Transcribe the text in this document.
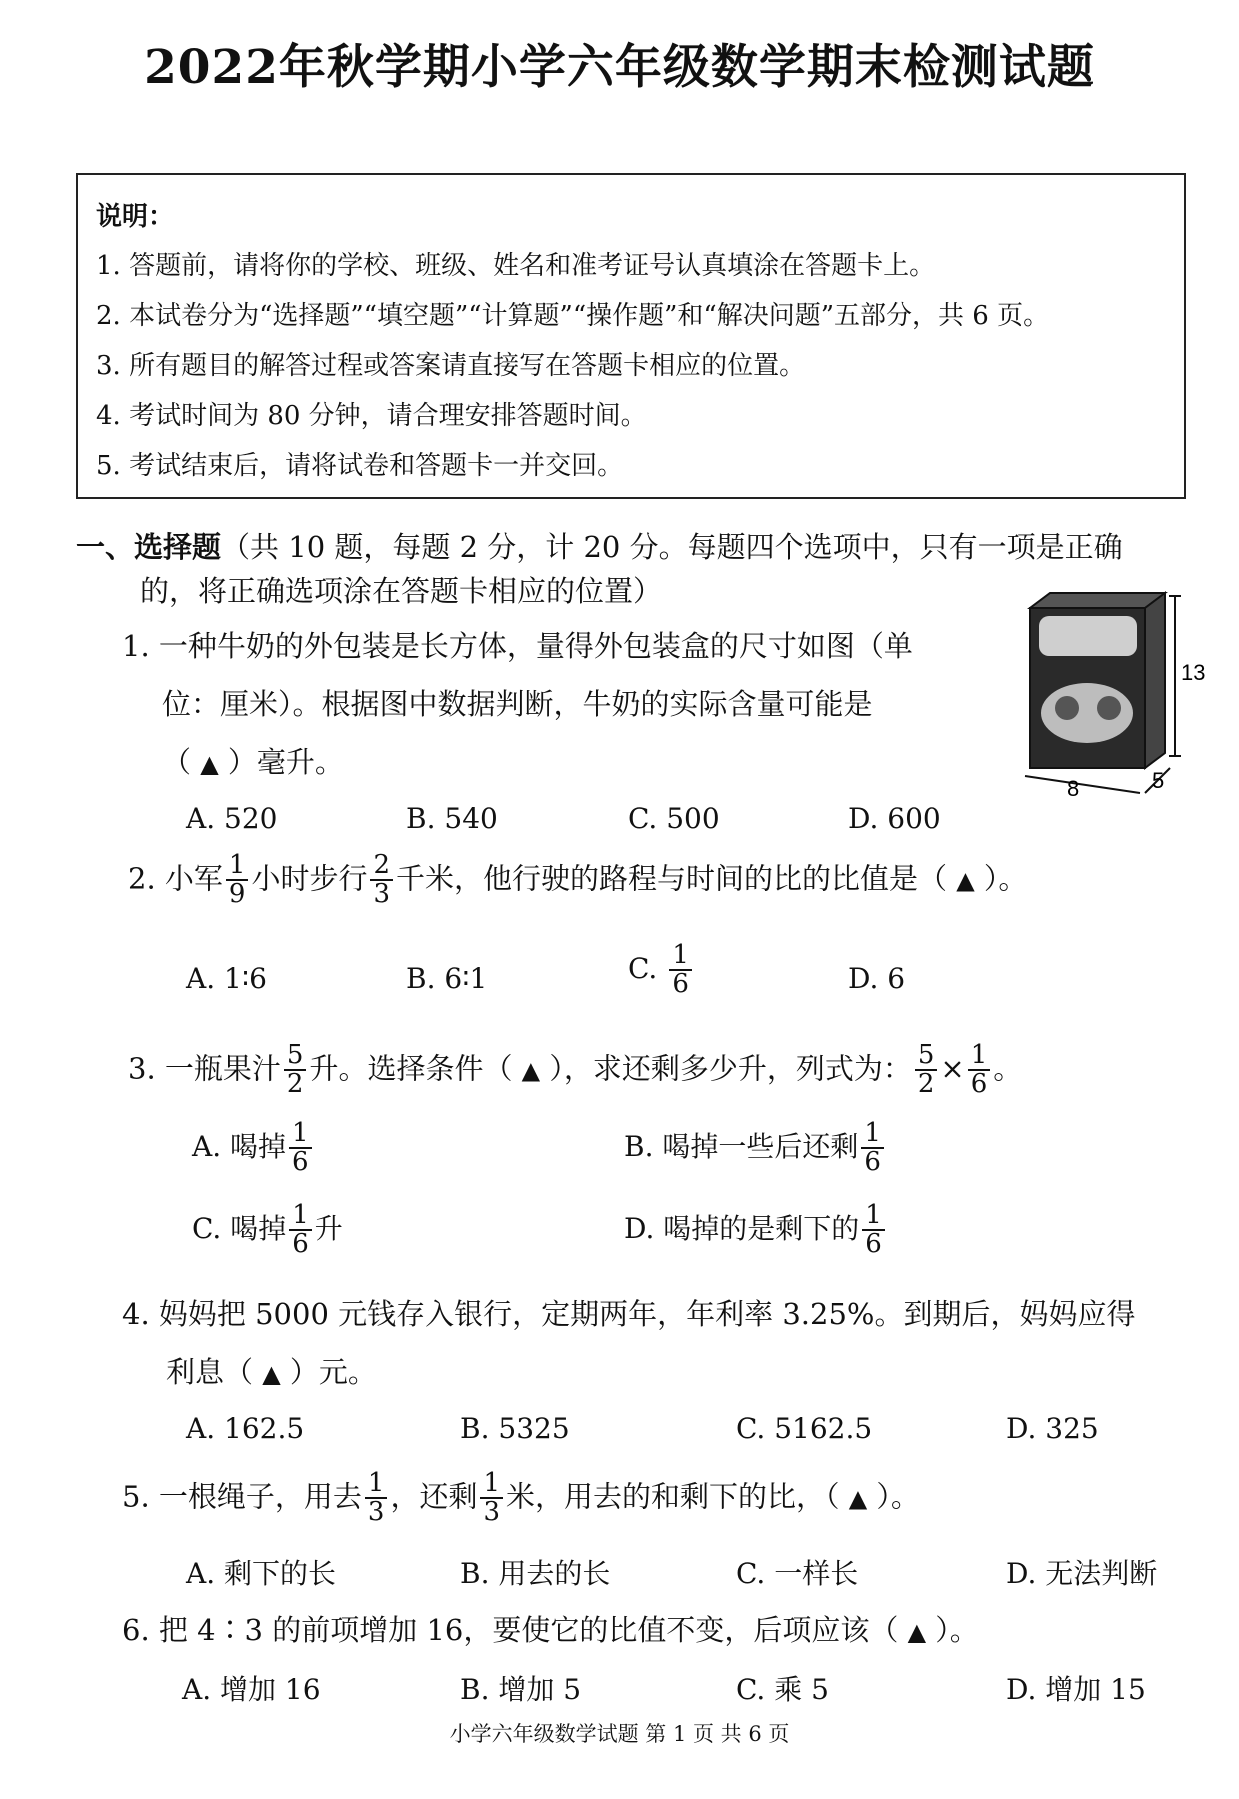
2022年秋学期小学六年级数学期末检测试题
说明：
1. 答题前，请将你的学校、班级、姓名和准考证号认真填涂在答题卡上。
2. 本试卷分为“选择题”“填空题”“计算题”“操作题”和“解决问题”五部分，共 6 页。
3. 所有题目的解答过程或答案请直接写在答题卡相应的位置。
4. 考试时间为 80 分钟，请合理安排答题时间。
5. 考试结束后，请将试卷和答题卡一并交回。
一、选择题（共 10 题，每题 2 分，计 20 分。每题四个选项中，只有一项是正确
的，将正确选项涂在答题卡相应的位置）
1. 一种牛奶的外包装是长方体，量得外包装盒的尺寸如图（单
位：厘米）。根据图中数据判断，牛奶的实际含量可能是
（ ▲ ）毫升。
A. 520	B. 540	C. 500	D. 600
13
8	5
2. 小军 $\frac{1}{9}$ 小时步行 $\frac{2}{3}$ 千米，他行驶的路程与时间的比的比值是（ ▲ ）。
A. 1∶6	B. 6∶1	C. $\frac{1}{6}$	D. 6
3. 一瓶果汁 $\frac{5}{2}$ 升。选择条件（ ▲ ），求还剩多少升，列式为： $\frac{5}{2} \times \frac{1}{6}$ 。
A. 喝掉 $\frac{1}{6}$	B. 喝掉一些后还剩 $\frac{1}{6}$
C. 喝掉 $\frac{1}{6}$ 升	D. 喝掉的是剩下的 $\frac{1}{6}$
4. 妈妈把 5000 元钱存入银行，定期两年，年利率 3.25%。到期后，妈妈应得
利息（ ▲ ）元。
A. 162.5	B. 5325	C. 5162.5	D. 325
5. 一根绳子，用去 $\frac{1}{3}$ ，还剩 $\frac{1}{3}$ 米，用去的和剩下的比，（ ▲ ）。
A. 剩下的长	B. 用去的长	C. 一样长	D. 无法判断
6. 把 4∶3 的前项增加 16，要使它的比值不变，后项应该（ ▲ ）。
A. 增加 16	B. 增加 5	C. 乘 5	D. 增加 15
小学六年级数学试题 第 1 页 共 6 页
